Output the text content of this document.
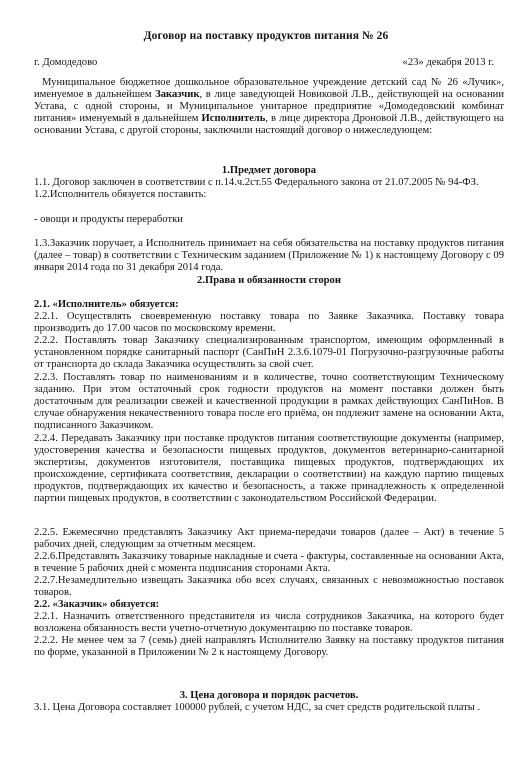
Договор на поставку продуктов питания № 26
г. Домодедово	«23» декабря 2013 г.

Муниципальное бюджетное дошкольное образовательное учреждение детский сад № 26 «Лучик», именуемое в дальнейшем Заказчик, в лице заведующей Новиковой Л.В., действующей на основании Устава, с одной стороны, и Муниципальное унитарное предприятие «Домодедовский комбинат питания» именуемый в дальнейшем Исполнитель, в лице директора Дроновой Л.В., действующего на основании Устава, с другой стороны, заключили настоящий договор о нижеследующем:

1.Предмет договора
1.1. Договор заключен в соответствии с п.14.ч.2ст.55 Федерального закона от 21.07.2005 № 94-ФЗ.
1.2.Исполнитель обязуется поставить:
- овощи и продукты переработки
1.3.Заказчик поручает, а Исполнитель принимает на себя обязательства на поставку продуктов питания (далее – товар) в соответствии с Техническим заданием (Приложение № 1) к настоящему Договору с 09 января 2014 года по 31 декабря 2014 года.
2.Права и обязанности сторон
2.1. «Исполнитель» обязуется:
2.2.1. Осуществлять своевременную поставку товара по Заявке Заказчика. Поставку товара производить до 17.00 часов по московскому времени.
2.2.2. Поставлять товар Заказчику специализированным транспортом, имеющим оформленный в установленном порядке санитарный паспорт (СанПиН 2.3.6.1079-01 Погрузочно-разгрузочные работы от транспорта до склада Заказчика осуществлять за свой счет.
2.2.3. Поставлять товар по наименованиям и в количестве, точно соответствующим Техническому заданию. При этом остаточный срок годности продуктов на момент поставки должен быть достаточным для реализации свежей и качественной продукции в рамках действующих СанПиНов. В случае обнаружения некачественного товара после его приёма, он подлежит замене на основании Акта, подписанного Заказчиком.
2.2.4. Передавать Заказчику при поставке продуктов питания соответствующие документы (например, удостоверения качества и безопасности пищевых продуктов, документов ветеринарно-санитарной экспертизы, документов изготовителя, поставщика пищевых продуктов, подтверждающих их происхождение, сертификата соответствия, декларации о соответствии) на каждую партию пищевых продуктов, подтверждающих их качество и безопасность, а также принадлежность к определенной партии пищевых продуктов, в соответствии с законодательством Российской Федерации.
2.2.5. Ежемесячно представлять Заказчику Акт приема-передачи товаров (далее – Акт) в течение 5 рабочих дней, следующим за отчетным месяцем.
2.2.6.Представлять Заказчику товарные накладные и счета - фактуры, составленные на основании Акта, в течение 5 рабочих дней с момента подписания сторонами Акта.
2.2.7.Незамедлительно извещать Заказчика обо всех случаях, связанных с невозможностью поставок товаров.
2.2. «Заказчик» обязуется:
2.2.1. Назначить ответственного представителя из числа сотрудников Заказчика, на которого будет возложена обязанность вести учетно-отчетную документацию по поставке товаров.
2.2.2. Не менее чем за 7 (семь) дней направлять Исполнителю Заявку на поставку продуктов питания по форме, указанной в Приложении № 2 к настоящему Договору.
3. Цена договора и порядок расчетов.
3.1. Цена Договора составляет 100000 рублей, с учетом НДС, за счет средств родительской платы .
